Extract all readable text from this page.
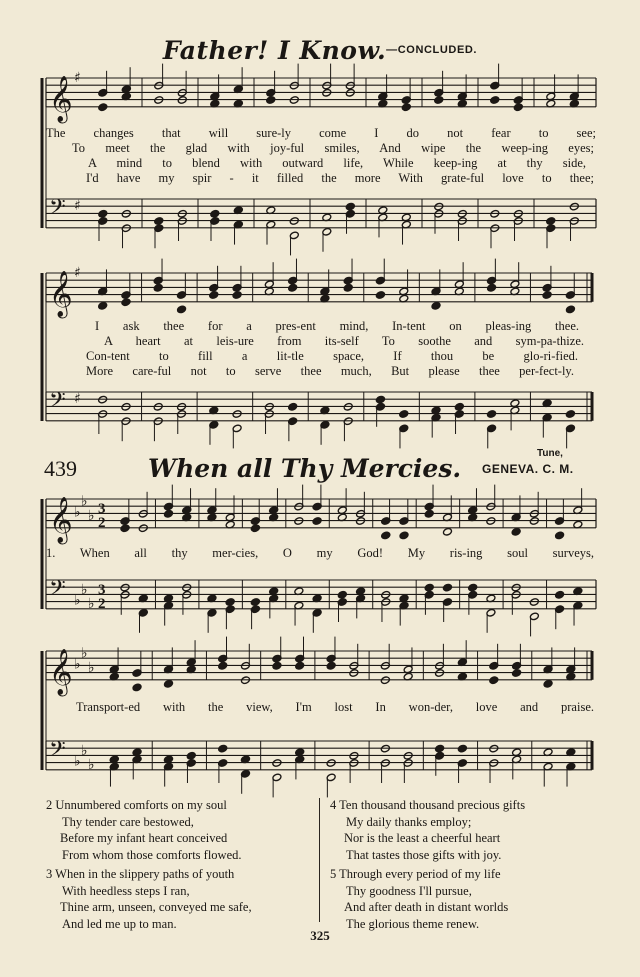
Father! I Know.$^{—CONCLUDED.}$
𝄞 ♯
𝄢 ♯
The changes that will sure-ly come I do not fear to see;
To meet the glad with joy-ful smiles, And wipe the weep-ing eyes;
A mind to blend with outward life, While keep-ing at thy side,
I'd have my spir - it filled the more With grate-ful love to thee;
𝄞 ♯
𝄢 ♯
I ask thee for a pres-ent mind, In-tent on pleas-ing thee.
A heart at leis-ure from its-self To soothe and sym-pa-thize.
Con-tent to fill a lit-tle space, If thou be glo-ri-fied.
More care-ful not to serve thee much, But please thee per-fect-ly.
439	When all Thy Mercies.
Tune,
GENEVA. C. M.
𝄞 ♭
♭
♭ 3
2
𝄢 ♭
♭
♭
3
2
1. When all thy mer-cies, O my God! My ris-ing soul surveys,
𝄞 ♭
♭
♭
𝄢 ♭
♭
♭
Transport-ed with the view, I'm lost In won-der, love and praise.
2 Unnumbered comforts on my soul
Thy tender care bestowed,
Before my infant heart conceived
From whom those comforts flowed.
3 When in the slippery paths of youth
With heedless steps I ran,
Thine arm, unseen, conveyed me safe,
And led me up to man.
4 Ten thousand thousand precious gifts
My daily thanks employ;
Nor is the least a cheerful heart
That tastes those gifts with joy.
5 Through every period of my life
Thy goodness I'll pursue,
And after death in distant worlds
The glorious theme renew.
325
